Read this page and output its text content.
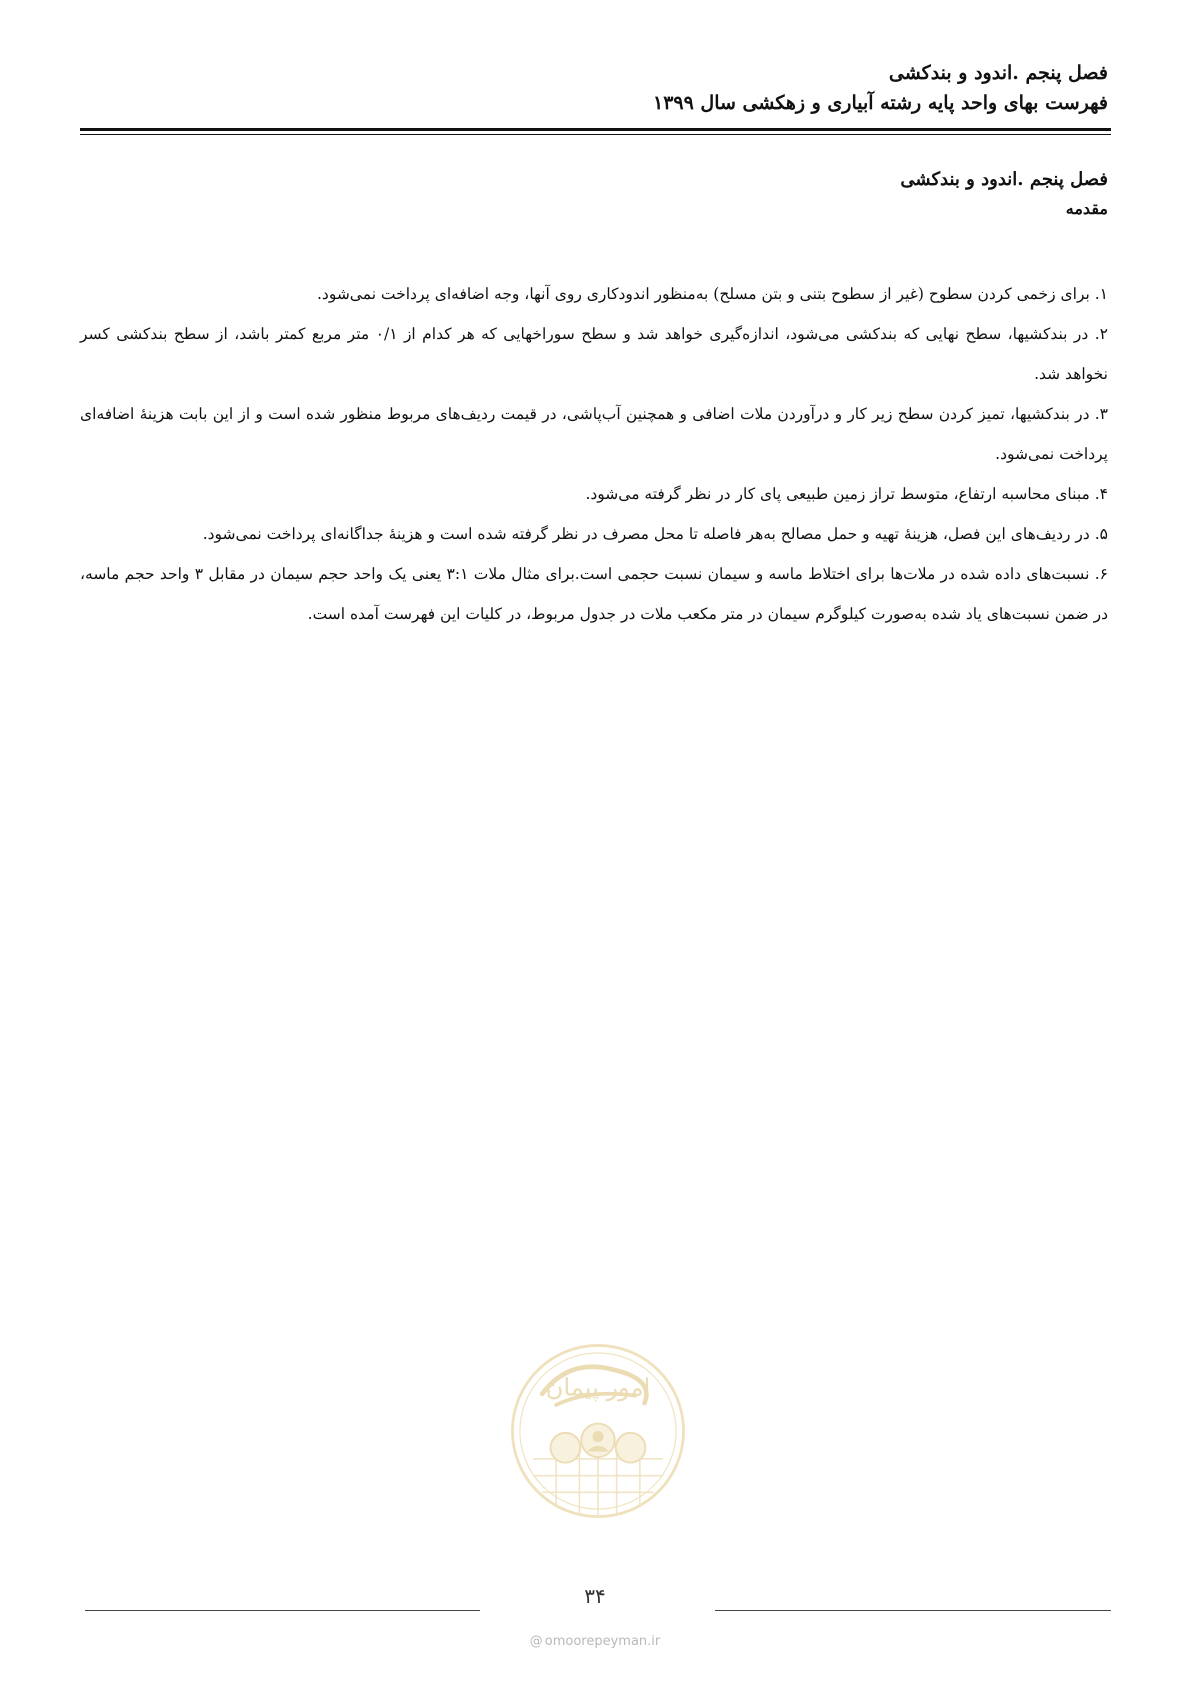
فصل پنجم .اندود و بندکشی

فهرست بهای واحد پایه رشته آبیاری و زهکشی سال ۱۳۹۹

فصل پنجم .اندود و بندکشی

مقدمه

۱. برای زخمی کردن سطوح (غیر از سطوح بتنی و بتن مسلح) به‌منظور اندودکاری روی آنها، وجه اضافه‌ای پرداخت نمی‌شود.

۲. در بندکشیها، سطح نهایی که بندکشی می‌شود، اندازه‌گیری خواهد شد و سطح سوراخهایی که هر کدام از ۰/۱ متر مربع کمتر باشد، از سطح بندکشی کسر نخواهد شد.

۳. در بندکشیها، تمیز کردن سطح زیر کار و درآوردن ملات اضافی و همچنین آب‌پاشی، در قیمت ردیف‌های مربوط منظور شده است و از این بابت هزینهٔ اضافه‌ای پرداخت نمی‌شود.

۴. مبنای محاسبه ارتفاع، متوسط تراز زمین طبیعی پای کار در نظر گرفته می‌شود.

۵. در ردیف‌های این فصل، هزینهٔ تهیه و حمل مصالح به‌هر فاصله تا محل مصرف در نظر گرفته شده است و هزینهٔ جداگانه‌ای پرداخت نمی‌شود.

۶. نسبت‌های داده شده در ملات‌ها برای اختلاط ماسه و سیمان نسبت حجمی است.برای مثال ملات ۳:۱ یعنی یک واحد حجم سیمان در مقابل ۳ واحد حجم ماسه، در ضمن نسبت‌های یاد شده به‌صورت کیلوگرم سیمان در متر مکعب ملات در جدول مربوط، در کلیات این فهرست آمده است.

امور پیمان
۳۴
@ omoorepeyman.ir
